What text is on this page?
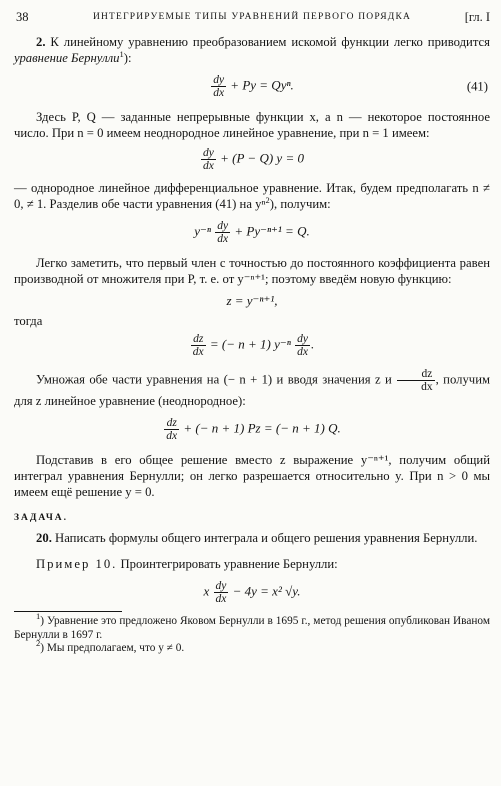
38	ИНТЕГРИРУЕМЫЕ ТИПЫ УРАВНЕНИЙ ПЕРВОГО ПОРЯДКА	[гл. I

2. К линейному уравнению преобразованием искомой функции легко приводится уравнение Бернулли$^1$):

$\frac{dy}{dx} + Py = Qy^n$.	(41)

Здесь P, Q — заданные непрерывные функции x, а n — некоторое постоянное число. При n = 0 имеем неоднородное линейное уравнение, при n = 1 имеем:

$\frac{dy}{dx} + (P - Q) y = 0$

— однородное линейное дифференциальное уравнение. Итак, будем предполагать n ≠ 0, ≠ 1. Разделив обе части уравнения (41) на yⁿ$^2$), получим:

$y^{-n} \frac{dy}{dx} + Py^{-n+1} = Q$.

Легко заметить, что первый член с точностью до постоянного коэффициента равен производной от множителя при P, т. е. от y⁻ⁿ⁺¹; поэтому введём новую функцию:

z = y⁻ⁿ⁺¹,

тогда

$\frac{dz}{dx}$ = (− n + 1) $y^{-n} \frac{dy}{dx}$ .

Умножая обе части уравнения на (− n + 1) и вводя значения z и $\frac{dz}{dx}$ , получим для z линейное уравнение (неоднородное):

$\frac{dz}{dx}$ + (− n + 1) Pz = (− n + 1) Q.

Подставив в его общее решение вместо z выражение y⁻ⁿ⁺¹, получим общий интеграл уравнения Бернулли; он легко разрешается относительно y. При n > 0 мы имеем ещё решение y = 0.

ЗАДАЧА.

20. Написать формулы общего интеграла и общего решения уравнения Бернулли.

Пример 10. Проинтегрировать уравнение Бернулли:

x $\frac{dy}{dx} - 4y = x^2$ √y.

$^1$) Уравнение это предложено Яковом Бернулли в 1695 г., метод решения опубликован Иваном Бернулли в 1697 г.

$^2$) Мы предполагаем, что y ≠ 0.
